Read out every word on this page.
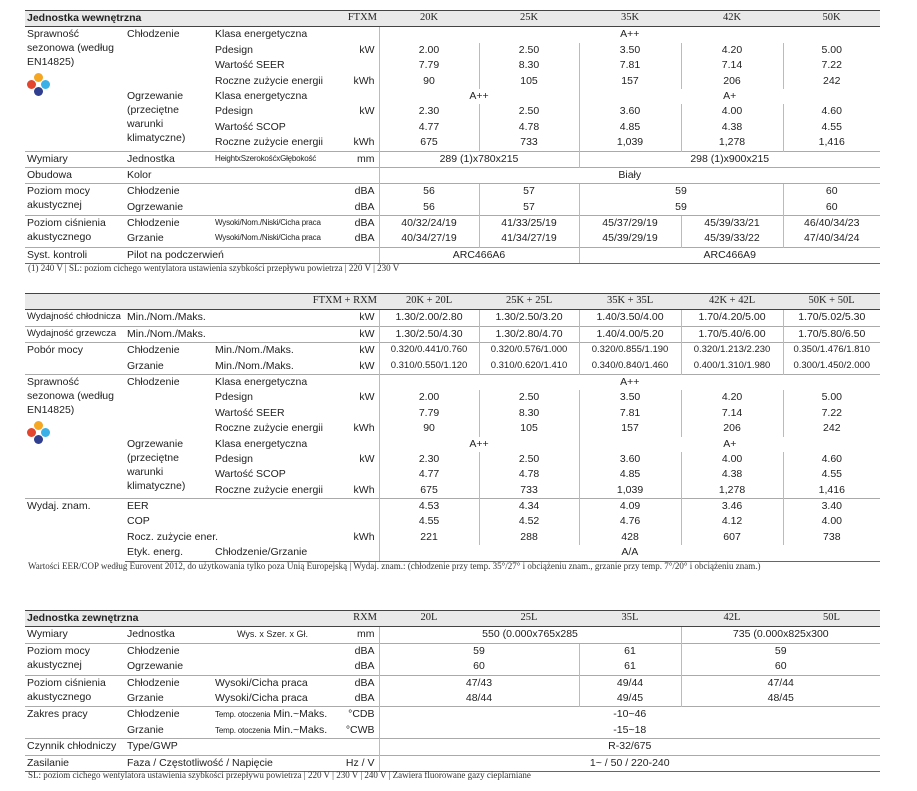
Jednostka wewnętrzna		FTXM		20K	25K	35K	42K	50K
Sprawność sezonowa (według EN14825)	Chłodzenie	Klasa energetyczna		A++				
		Pdesign	kW	2.00	2.50	3.50	4.20	5.00
		Wartość SEER		7.79	8.30	7.81	7.14	7.22
		Roczne zużycie energii	kWh	90	105	157	206	242
	Ogrzewanie (przeciętne warunki klimatyczne)	Klasa energetyczna		A++		A+		
		Pdesign	kW	2.30	2.50	3.60	4.00	4.60
		Wartość SCOP		4.77	4.78	4.85	4.38	4.55
		Roczne zużycie energii	kWh	675	733	1,039	1,278	1,416
Wymiary	Jednostka	HeightxSzerokośćxGłębokość	mm	289 (1)x780x215		298 (1)x900x215		
Obudowa	Kolor			Biały				
Poziom mocy akustycznej	Chłodzenie		dBA	56	57	59		60
	Ogrzewanie		dBA	56	57	59		60
Poziom ciśnienia akustycznego	Chłodzenie	Wysoki/Nom./Niski/Cicha praca	dBA	40/32/24/19	41/33/25/19	45/37/29/19	45/39/33/21	46/40/34/23
	Grzanie	Wysoki/Nom./Niski/Cicha praca	dBA	40/34/27/19	41/34/27/19	45/39/29/19	45/39/33/22	47/40/34/24
Syst. kontroli	Pilot na podczerwień			ARC466A6		ARC466A9		
(1) 240 V | SL: poziom cichego wentylatora ustawienia szybkości przepływu powietrza | 220 V | 230 V
FTXM + RXM				20K + 20L	25K + 25L	35K + 35L	42K + 42L	50K + 50L
Wydajność chłodnicza	Min./Nom./Maks.		kW	1.30/2.00/2.80	1.30/2.50/3.20	1.40/3.50/4.00	1.70/4.20/5.00	1.70/5.02/5.30
Wydajność grzewcza	Min./Nom./Maks.		kW	1.30/2.50/4.30	1.30/2.80/4.70	1.40/4.00/5.20	1.70/5.40/6.00	1.70/5.80/6.50
Pobór mocy	Chłodzenie	Min./Nom./Maks.	kW	0.320/0.441/0.760	0.320/0.576/1.000	0.320/0.855/1.190	0.320/1.213/2.230	0.350/1.476/1.810
	Grzanie	Min./Nom./Maks.	kW	0.310/0.550/1.120	0.310/0.620/1.410	0.340/0.840/1.460	0.400/1.310/1.980	0.300/1.450/2.000
Sprawność sezonowa (według EN14825)	Chłodzenie	Klasa energetyczna		A++				
		Pdesign	kW	2.00	2.50	3.50	4.20	5.00
		Wartość SEER		7.79	8.30	7.81	7.14	7.22
		Roczne zużycie energii	kWh	90	105	157	206	242
	Ogrzewanie (przeciętne warunki klimatyczne)	Klasa energetyczna		A++		A+		
		Pdesign	kW	2.30	2.50	3.60	4.00	4.60
		Wartość SCOP		4.77	4.78	4.85	4.38	4.55
		Roczne zużycie energii	kWh	675	733	1,039	1,278	1,416
Wydaj. znam.	EER			4.53	4.34	4.09	3.46	3.40
	COP			4.55	4.52	4.76	4.12	4.00
	Rocz. zużycie ener.		kWh	221	288	428	607	738
	Etyk. energ.	Chłodzenie/Grzanie		A/A				
Wartości EER/COP według Eurovent 2012, do użytkowania tylko poza Unią Europejską | Wydaj. znam.: (chłodzenie przy temp. 35°/27° i obciążeniu znam., grzanie przy temp. 7°/20° i obciążeniu znam.)
Jednostka zewnętrzna		RXM		20L	25L	35L	42L	50L
Wymiary	Jednostka	Wys. x Szer. x Gł.	mm	550 (0.000x765x285			735 (0.000x825x300	
Poziom mocy akustycznej	Chłodzenie		dBA	59		61	59	
	Ogrzewanie		dBA	60		61	60	
Poziom ciśnienia akustycznego	Chłodzenie	Wysoki/Cicha praca	dBA	47/43		49/44	47/44	
	Grzanie	Wysoki/Cicha praca	dBA	48/44		49/45	48/45	
Zakres pracy	Chłodzenie	Temp. otoczenia Min.~Maks.	°CDB	-10~46				
	Grzanie	Temp. otoczenia Min.~Maks.	°CWB	-15~18				
Czynnik chłodniczy	Type/GWP			R-32/675				
Zasilanie	Faza / Częstotliwość / Napięcie		Hz / V	1~ / 50 / 220-240				
SL: poziom cichego wentylatora ustawienia szybkości przepływu powietrza | 220 V | 230 V | 240 V | Zawiera fluorowane gazy cieplarniane
